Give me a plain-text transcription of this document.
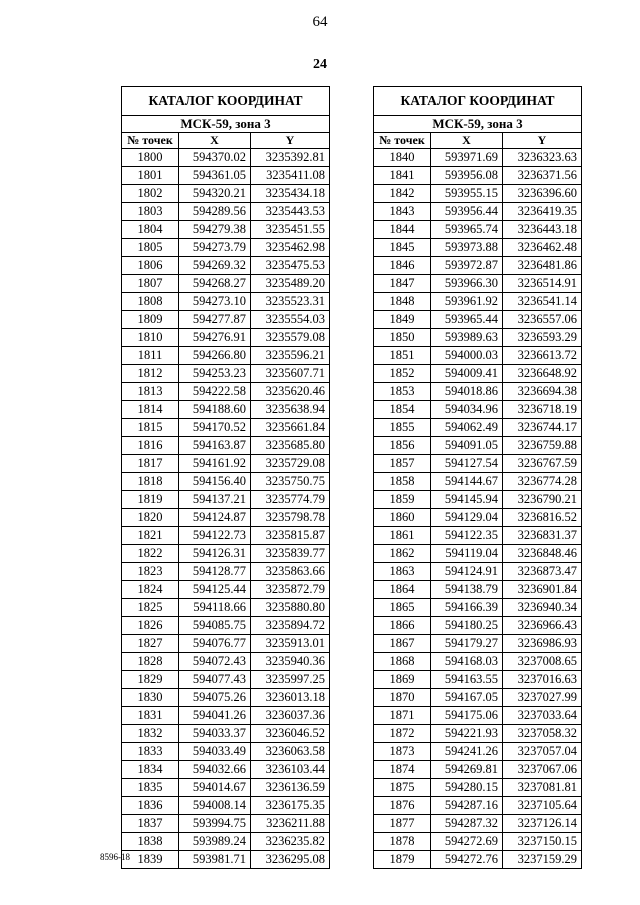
64
24
КАТАЛОГ КООРДИНАТ		
МСК-59, зона 3		
№ точек	X	Y
1800	594370.02	3235392.81
1801	594361.05	3235411.08
1802	594320.21	3235434.18
1803	594289.56	3235443.53
1804	594279.38	3235451.55
1805	594273.79	3235462.98
1806	594269.32	3235475.53
1807	594268.27	3235489.20
1808	594273.10	3235523.31
1809	594277.87	3235554.03
1810	594276.91	3235579.08
1811	594266.80	3235596.21
1812	594253.23	3235607.71
1813	594222.58	3235620.46
1814	594188.60	3235638.94
1815	594170.52	3235661.84
1816	594163.87	3235685.80
1817	594161.92	3235729.08
1818	594156.40	3235750.75
1819	594137.21	3235774.79
1820	594124.87	3235798.78
1821	594122.73	3235815.87
1822	594126.31	3235839.77
1823	594128.77	3235863.66
1824	594125.44	3235872.79
1825	594118.66	3235880.80
1826	594085.75	3235894.72
1827	594076.77	3235913.01
1828	594072.43	3235940.36
1829	594077.43	3235997.25
1830	594075.26	3236013.18
1831	594041.26	3236037.36
1832	594033.37	3236046.52
1833	594033.49	3236063.58
1834	594032.66	3236103.44
1835	594014.67	3236136.59
1836	594008.14	3236175.35
1837	593994.75	3236211.88
1838	593989.24	3236235.82
1839	593981.71	3236295.08
КАТАЛОГ КООРДИНАТ		
МСК-59, зона 3		
№ точек	X	Y
1840	593971.69	3236323.63
1841	593956.08	3236371.56
1842	593955.15	3236396.60
1843	593956.44	3236419.35
1844	593965.74	3236443.18
1845	593973.88	3236462.48
1846	593972.87	3236481.86
1847	593966.30	3236514.91
1848	593961.92	3236541.14
1849	593965.44	3236557.06
1850	593989.63	3236593.29
1851	594000.03	3236613.72
1852	594009.41	3236648.92
1853	594018.86	3236694.38
1854	594034.96	3236718.19
1855	594062.49	3236744.17
1856	594091.05	3236759.88
1857	594127.54	3236767.59
1858	594144.67	3236774.28
1859	594145.94	3236790.21
1860	594129.04	3236816.52
1861	594122.35	3236831.37
1862	594119.04	3236848.46
1863	594124.91	3236873.47
1864	594138.79	3236901.84
1865	594166.39	3236940.34
1866	594180.25	3236966.43
1867	594179.27	3236986.93
1868	594168.03	3237008.65
1869	594163.55	3237016.63
1870	594167.05	3237027.99
1871	594175.06	3237033.64
1872	594221.93	3237058.32
1873	594241.26	3237057.04
1874	594269.81	3237067.06
1875	594280.15	3237081.81
1876	594287.16	3237105.64
1877	594287.32	3237126.14
1878	594272.69	3237150.15
1879	594272.76	3237159.29
8596-18
